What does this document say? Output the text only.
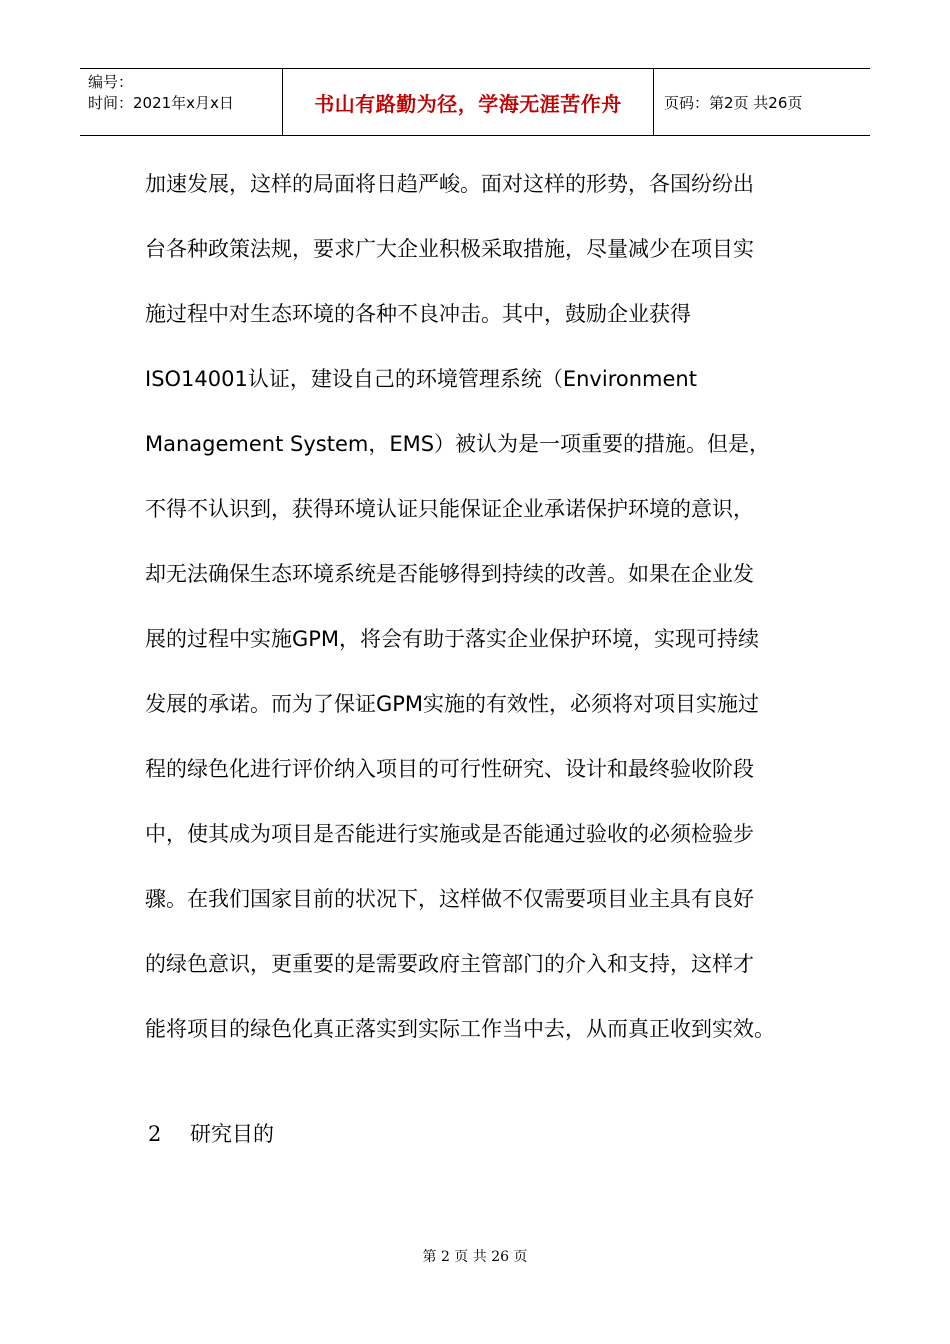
编号：
时间：2021年x月x日	书山有路勤为径，学海无涯苦作舟	页码：第2页 共26页
加速发展，这样的局面将日趋严峻。面对这样的形势，各国纷纷出
台各种政策法规，要求广大企业积极采取措施，尽量减少在项目实
施过程中对生态环境的各种不良冲击。其中，鼓励企业获得
ISO14001认证，建设自己的环境管理系统（Environment
Management System，EMS）被认为是一项重要的措施。但是，
不得不认识到，获得环境认证只能保证企业承诺保护环境的意识，
却无法确保生态环境系统是否能够得到持续的改善。如果在企业发
展的过程中实施GPM，将会有助于落实企业保护环境，实现可持续
发展的承诺。而为了保证GPM实施的有效性，必须将对项目实施过
程的绿色化进行评价纳入项目的可行性研究、设计和最终验收阶段
中，使其成为项目是否能进行实施或是否能通过验收的必须检验步
骤。在我们国家目前的状况下，这样做不仅需要项目业主具有良好
的绿色意识，更重要的是需要政府主管部门的介入和支持，这样才
能将项目的绿色化真正落实到实际工作当中去，从而真正收到实效。
2 研究目的
第 2 页 共 26 页
